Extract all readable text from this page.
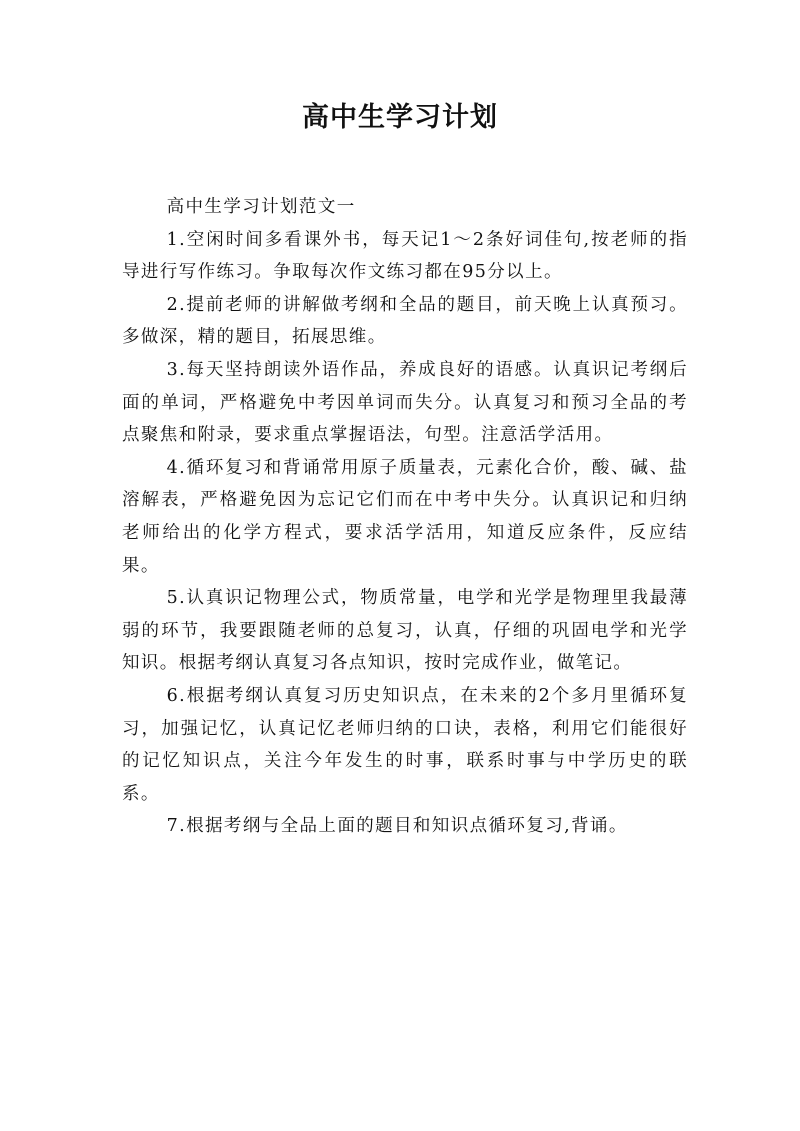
高中生学习计划

高中生学习计划范文一

1.空闲时间多看课外书，每天记1～2条好词佳句,按老师的指导进行写作练习。争取每次作文练习都在95分以上。

2.提前老师的讲解做考纲和全品的题目，前天晚上认真预习。多做深，精的题目，拓展思维。

3.每天坚持朗读外语作品，养成良好的语感。认真识记考纲后面的单词，严格避免中考因单词而失分。认真复习和预习全品的考点聚焦和附录，要求重点掌握语法，句型。注意活学活用。

4.循环复习和背诵常用原子质量表，元素化合价，酸、碱、盐溶解表，严格避免因为忘记它们而在中考中失分。认真识记和归纳老师给出的化学方程式，要求活学活用，知道反应条件，反应结果。

5.认真识记物理公式，物质常量，电学和光学是物理里我最薄弱的环节，我要跟随老师的总复习，认真，仔细的巩固电学和光学知识。根据考纲认真复习各点知识，按时完成作业，做笔记。

6.根据考纲认真复习历史知识点，在未来的2个多月里循环复习，加强记忆，认真记忆老师归纳的口诀，表格，利用它们能很好的记忆知识点，关注今年发生的时事，联系时事与中学历史的联系。

7.根据考纲与全品上面的题目和知识点循环复习,背诵。
